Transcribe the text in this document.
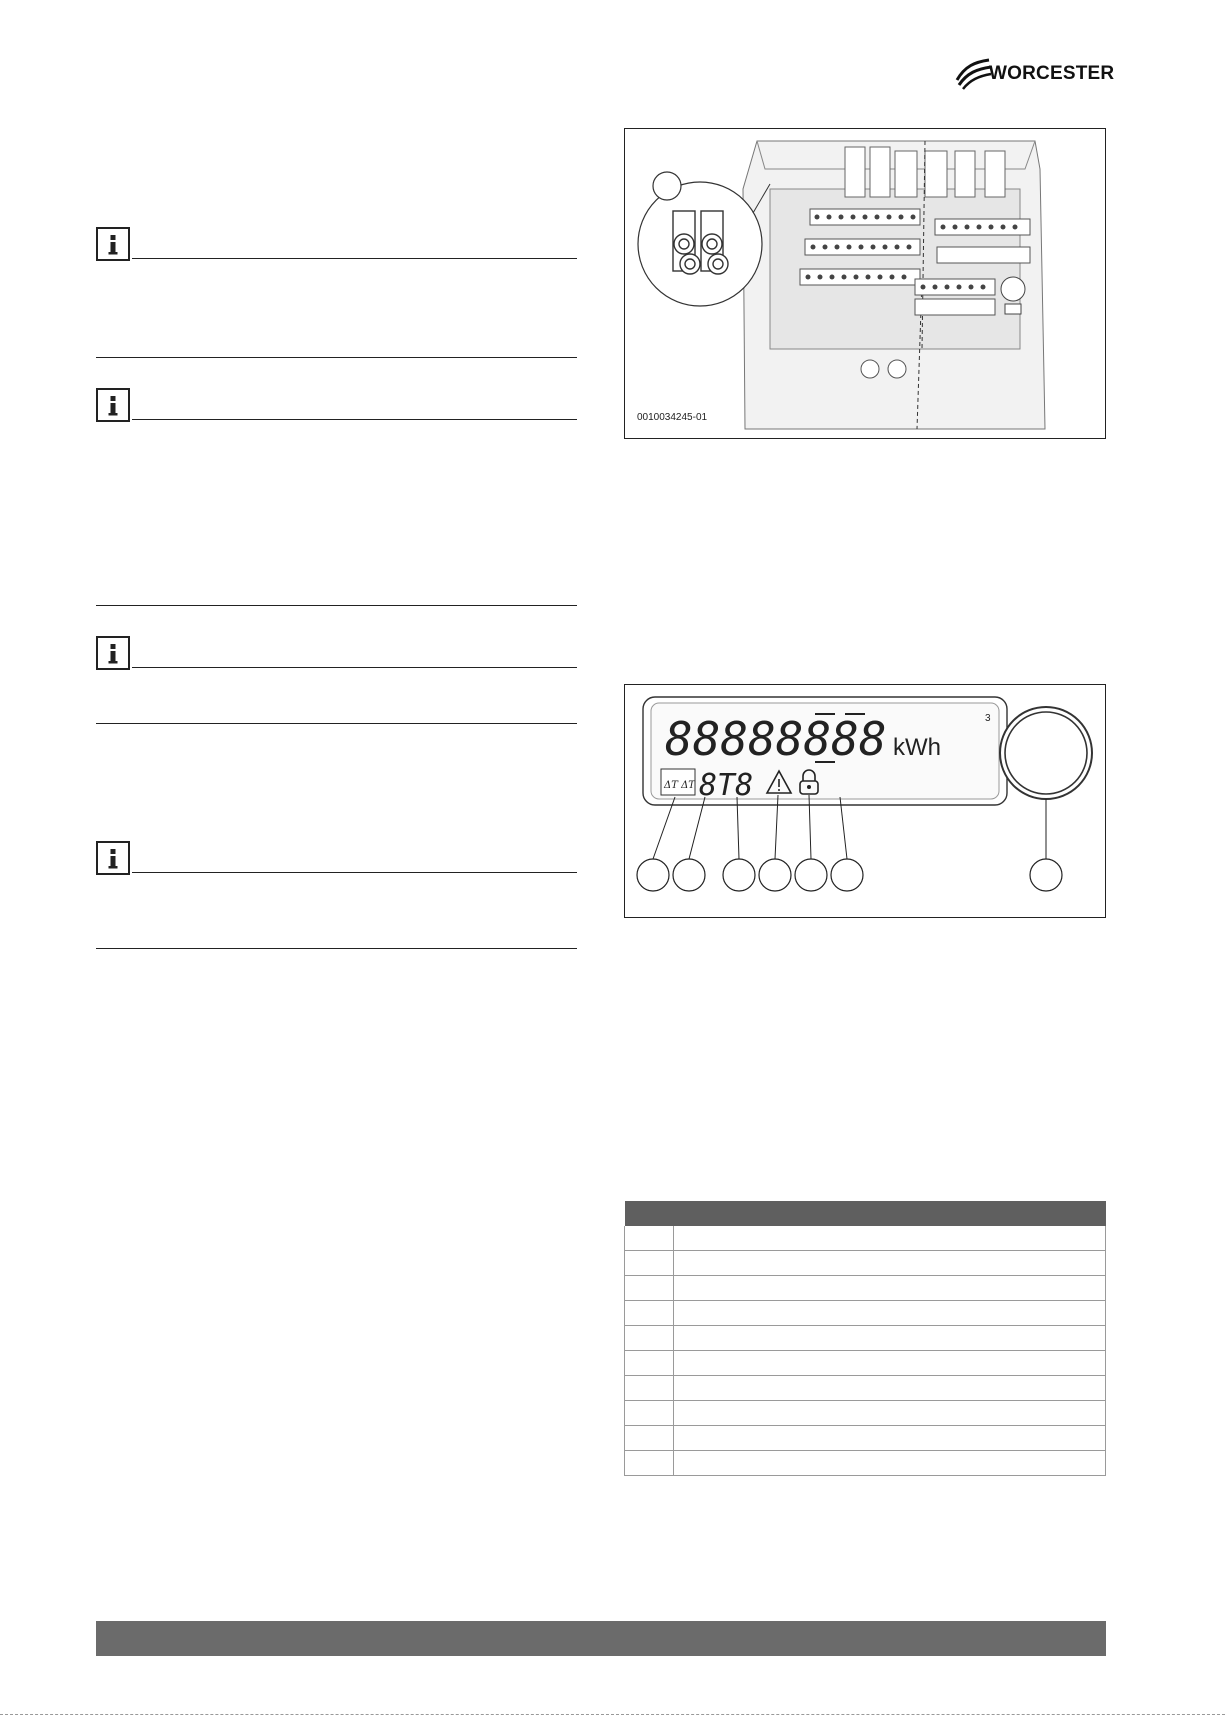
WORCESTER
0010034245-01
88888888 kWh
3
ΔT ΔT 8T8
